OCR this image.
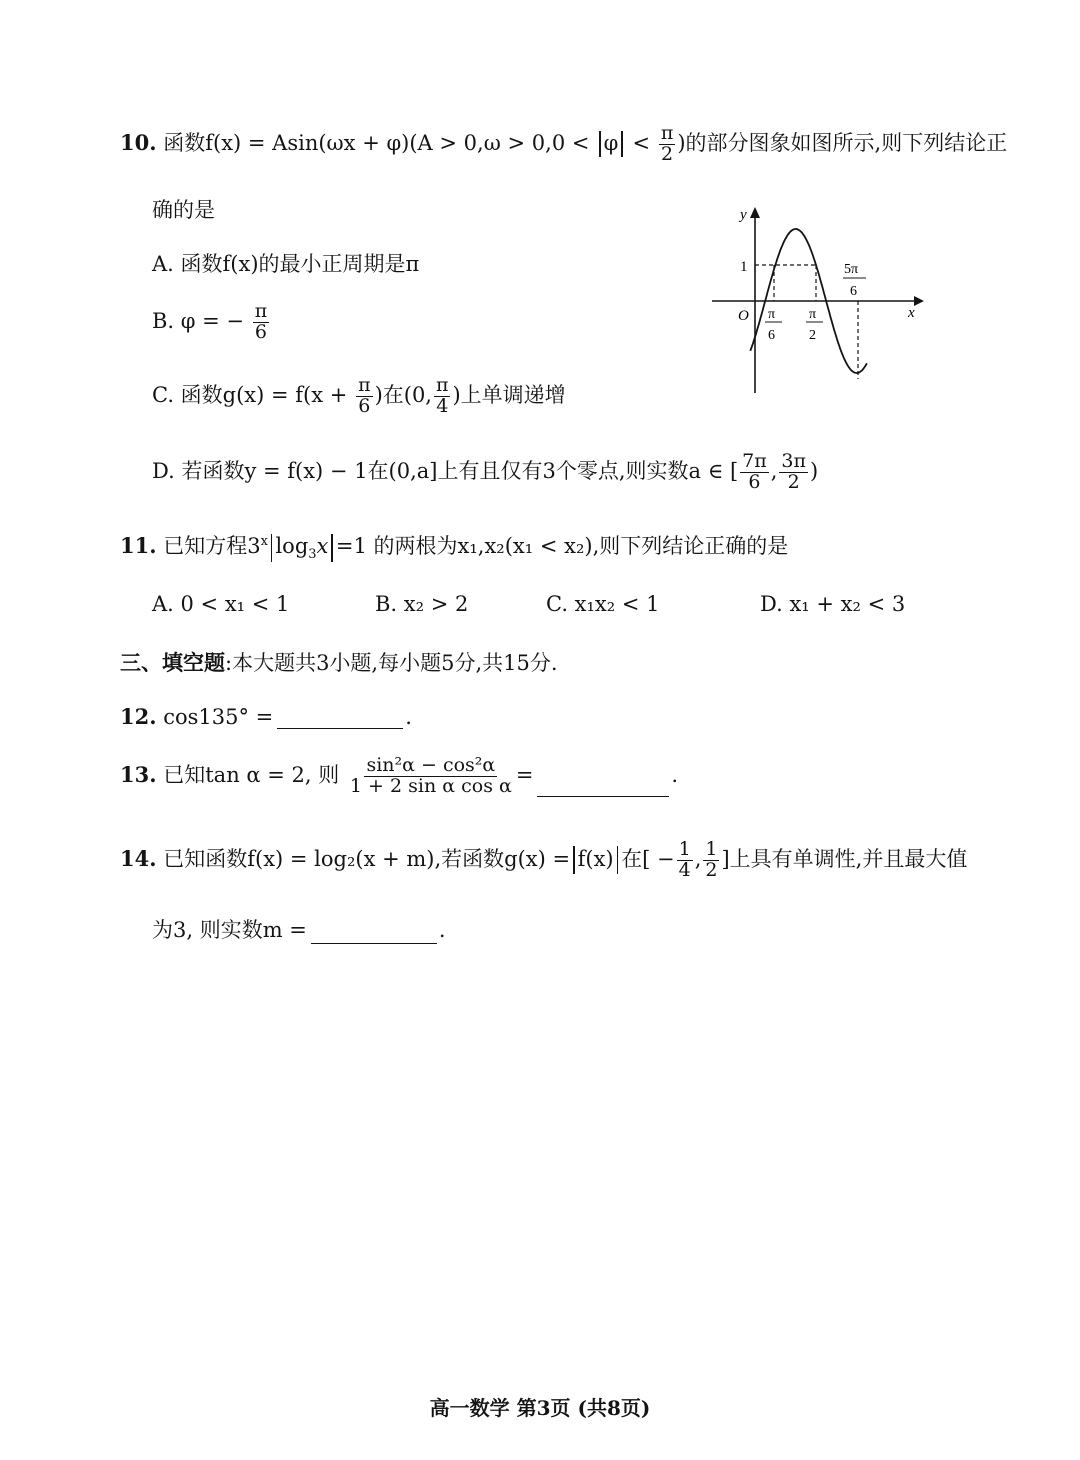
10. 函数$f(x) = Asin(\omega x + \varphi)(A > 0,\omega > 0,0 < \varphi < \frac{\pi}{2}$ )的部分图象如图所示,则下列结论正
确的是
A. 函数f(x)的最小正周期是π
B. φ = − $\frac{\pi}{6}$
C. 函数$g(x) = f(x + \frac{\pi}{6}$ )在(0, $\frac{\pi}{4}$ )上单调递增
D. 若函数y = f(x) − 1在(0,a]上有且仅有3个零点,则实数a ∈ [ $\frac{7\pi}{6}$ , $\frac{3\pi}{2}$ )
y
x
O
1
π
6
π
2
5π
6
11. 已知方程3$^x$ $\log_3x =1$ 的两根为x₁,x₂(x₁ < x₂),则下列结论正确的是
A. 0 < x₁ < 1	B. x₂ > 2	C. x₁x₂ < 1	D. x₁ + x₂ < 3
三、填空题:本大题共3小题,每小题5分,共15分.
12. cos135° =	.
13. 已知tan α = 2, 则 $\frac{\text{sin²α − cos²α}}{\text{1 + 2 sin α cos α}}$ =	.
14. 已知函数f(x) = log₂(x + m),若函数g(x) = f(x) 在[ − $\frac{1}{4}$ , $\frac{1}{2}$ ]上具有单调性,并且最大值
为3, 则实数m =	.
高一数学 第3页 (共8页)
